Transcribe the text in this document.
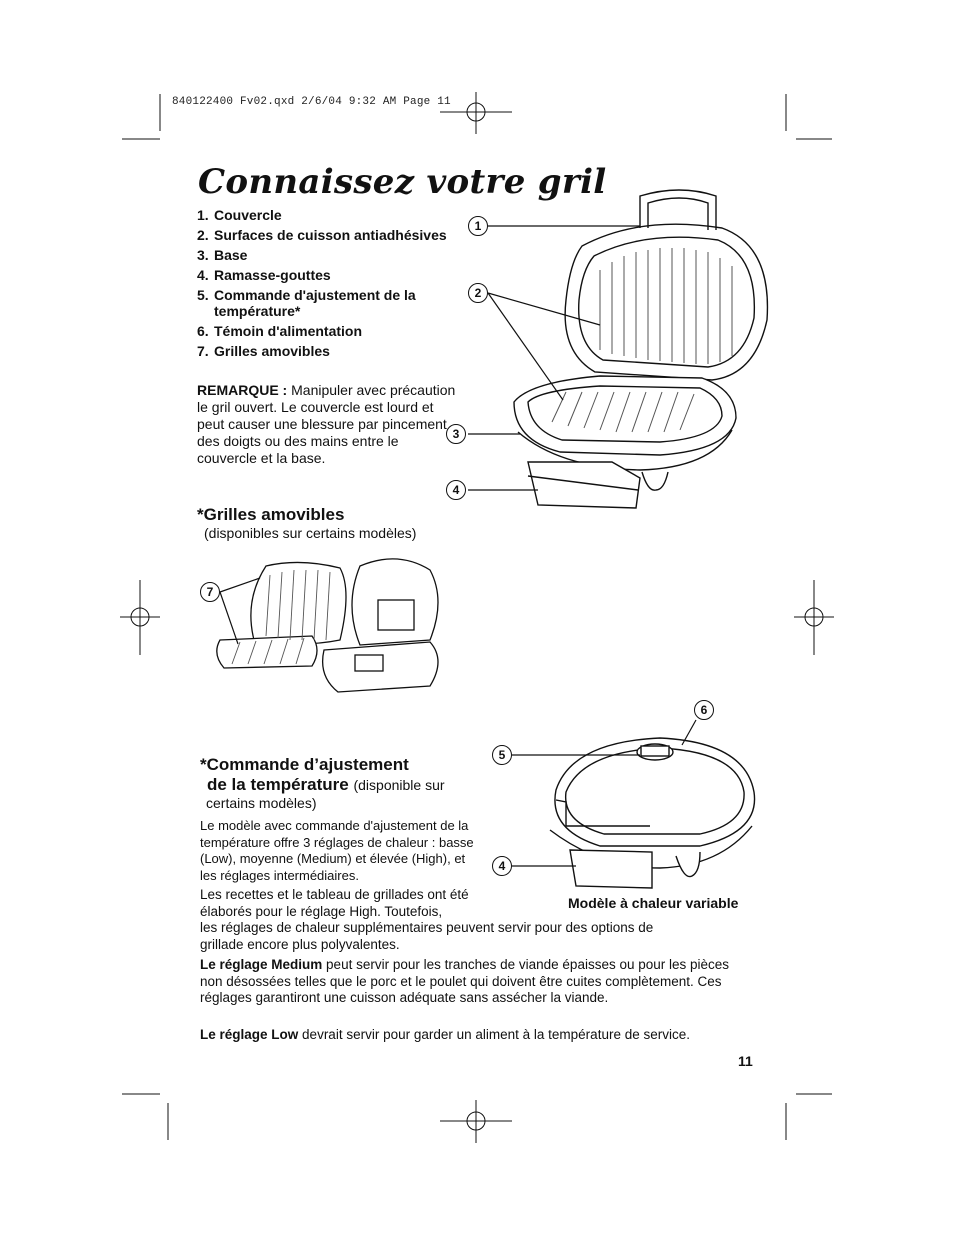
1
2
3
4
7
6
5
4
840122400 Fv02.qxd 2/6/04 9:32 AM Page 11
Connaissez votre gril
1. Couvercle
2. Surfaces de cuisson antiadhésives
3. Base
4. Ramasse-gouttes
5. Commande d'ajustement de la température*
6. Témoin d'alimentation
7. Grilles amovibles
REMARQUE : Manipuler avec précaution le gril ouvert. Le couvercle est lourd et peut causer une blessure par pincement des doigts ou des mains entre le couvercle et la base.
*Grilles amovibles
(disponibles sur certains modèles)
*Commande d’ajustement
de la température (disponible sur
certains modèles)
Le modèle avec commande d'ajustement de la température offre 3 réglages de chaleur : basse (Low), moyenne (Medium) et élevée (High), et les réglages intermédiaires.
Les recettes et le tableau de grillades ont été élaborés pour le réglage High. Toutefois,
les réglages de chaleur supplémentaires peuvent servir pour des options de grillade encore plus polyvalentes.
Le réglage Medium peut servir pour les tranches de viande épaisses ou pour les pièces non désossées telles que le porc et le poulet qui doivent être cuites complètement. Ces réglages garantiront une cuisson adéquate sans assécher la viande.
Le réglage Low devrait servir pour garder un aliment à la température de service.
Modèle à chaleur variable
11
